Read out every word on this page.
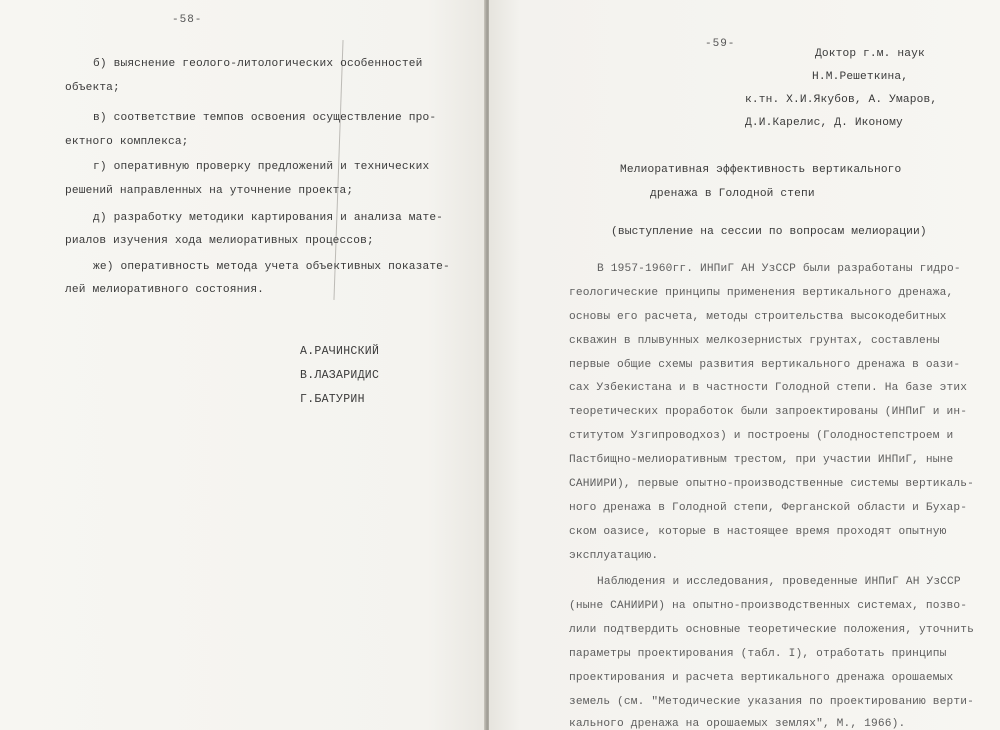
-58-
б) выяснение геолого-литологических особенностей
объекта;
в) соответствие темпов освоения осуществление про-
ектного комплекса;
г) оперативную проверку предложений и технических
решений направленных на уточнение проекта;
д) разработку методики картирования и анализа мате-
риалов изучения хода мелиоративных процессов;
же) оперативность метода учета объективных показате-
лей мелиоративного состояния.
А.РАЧИНСКИЙ
В.ЛАЗАРИДИС
Г.БАТУРИН
-59-
Доктор г.м. наук
Н.М.Решеткина,
к.тн. Х.И.Якубов, А. Умаров,
Д.И.Карелис, Д. Иконому
Мелиоративная эффективность вертикального
дренажа в Голодной степи
(выступление на сессии по вопросам мелиорации)
В 1957-1960гг. ИНПиГ АН УзССР были разработаны гидро-
геологические принципы применения вертикального дренажа,
основы его расчета, методы строительства высокодебитных
скважин в плывунных мелкозернистых грунтах, составлены
первые общие схемы развития вертикального дренажа в оази-
сах Узбекистана и в частности Голодной степи. На базе этих
теоретических проработок были запроектированы (ИНПиГ и ин-
ститутом Узгипроводхоз) и построены (Голодностепстроем и
Пастбищно-мелиоративным трестом, при участии ИНПиГ, ныне
САНИИРИ), первые опытно-производственные системы вертикаль-
ного дренажа в Голодной степи, Ферганской области и Бухар-
ском оазисе, которые в настоящее время проходят опытную
эксплуатацию.
Наблюдения и исследования, проведенные ИНПиГ АН УзССР
(ныне САНИИРИ) на опытно-производственных системах, позво-
лили подтвердить основные теоретические положения, уточнить
параметры проектирования (табл. I), отработать принципы
проектирования и расчета вертикального дренажа орошаемых
земель (см. "Методические указания по проектированию верти-
кального дренажа на орошаемых землях", М., 1966).
